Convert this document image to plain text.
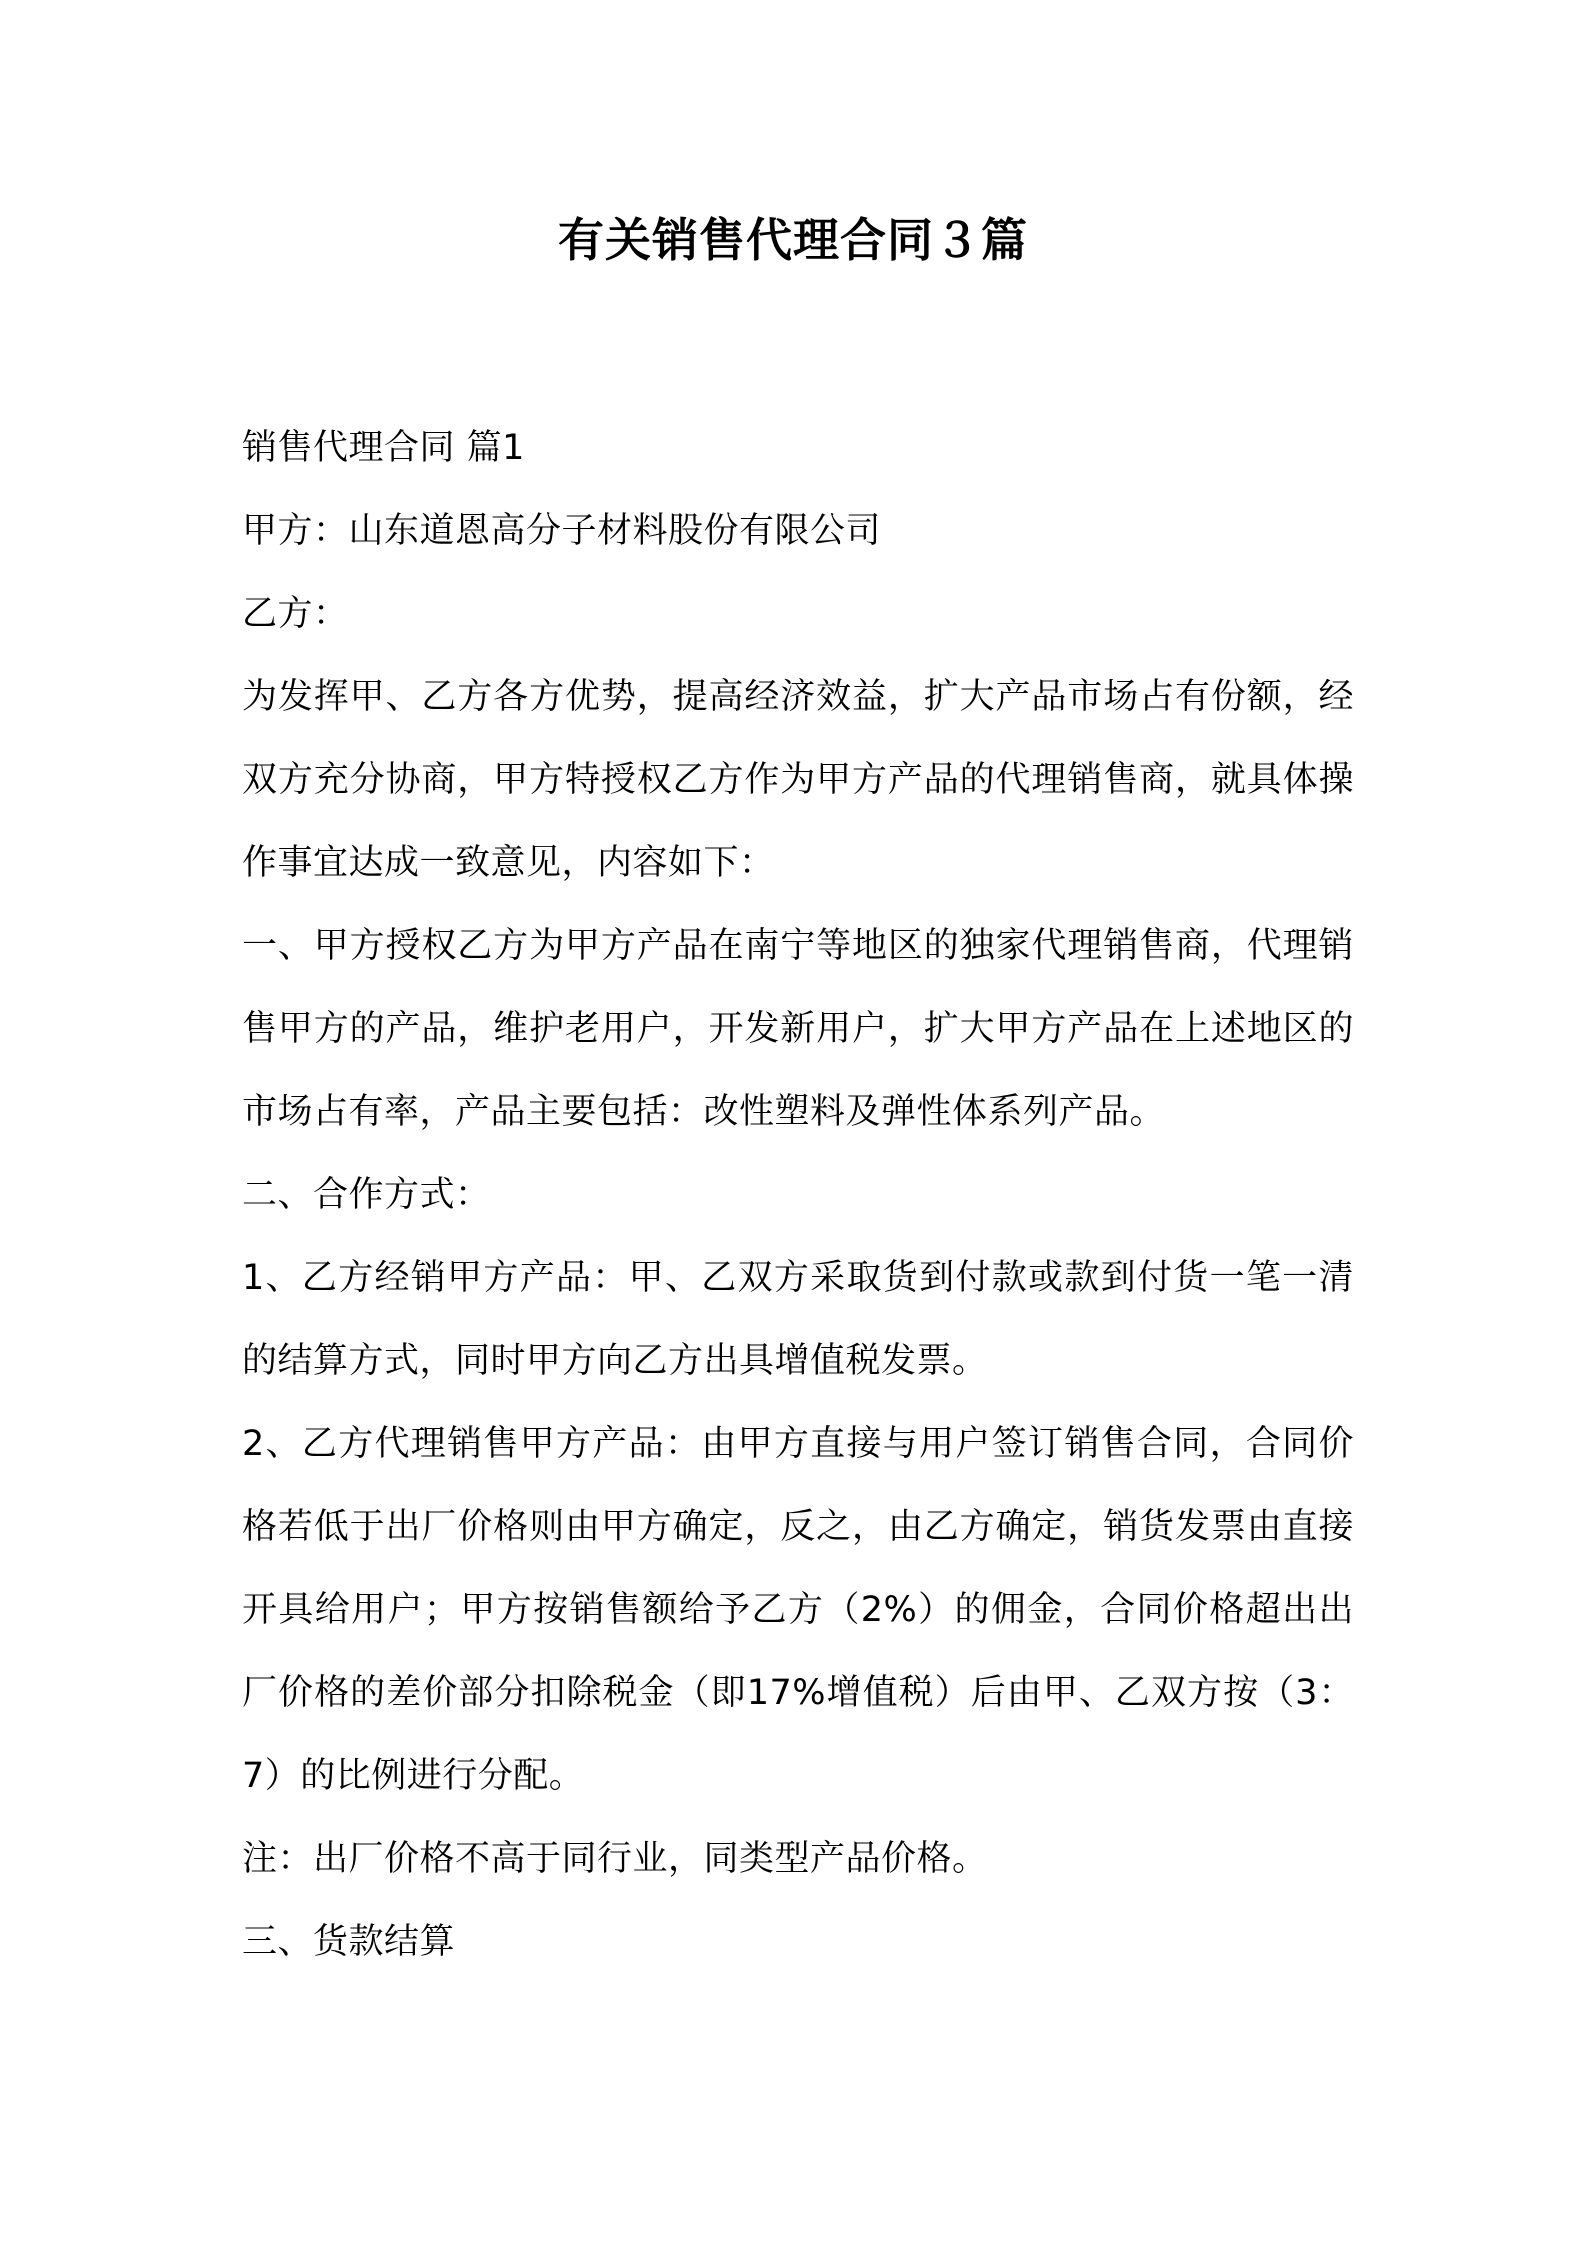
有关销售代理合同３篇

销售代理合同 篇1

甲方：山东道恩高分子材料股份有限公司

乙方：

为发挥甲、乙方各方优势，提高经济效益，扩大产品市场占有份额，经双方充分协商，甲方特授权乙方作为甲方产品的代理销售商，就具体操作事宜达成一致意见，内容如下：

一、甲方授权乙方为甲方产品在南宁等地区的独家代理销售商，代理销售甲方的产品，维护老用户，开发新用户，扩大甲方产品在上述地区的市场占有率，产品主要包括：改性塑料及弹性体系列产品。

二、合作方式：

1、乙方经销甲方产品：甲、乙双方采取货到付款或款到付货一笔一清的结算方式，同时甲方向乙方出具增值税发票。

2、乙方代理销售甲方产品：由甲方直接与用户签订销售合同，合同价格若低于出厂价格则由甲方确定，反之，由乙方确定，销货发票由直接开具给用户；甲方按销售额给予乙方（2%）的佣金，合同价格超出出厂价格的差价部分扣除税金（即17%增值税）后由甲、乙双方按（3：7）的比例进行分配。

注：出厂价格不高于同行业，同类型产品价格。

三、货款结算
